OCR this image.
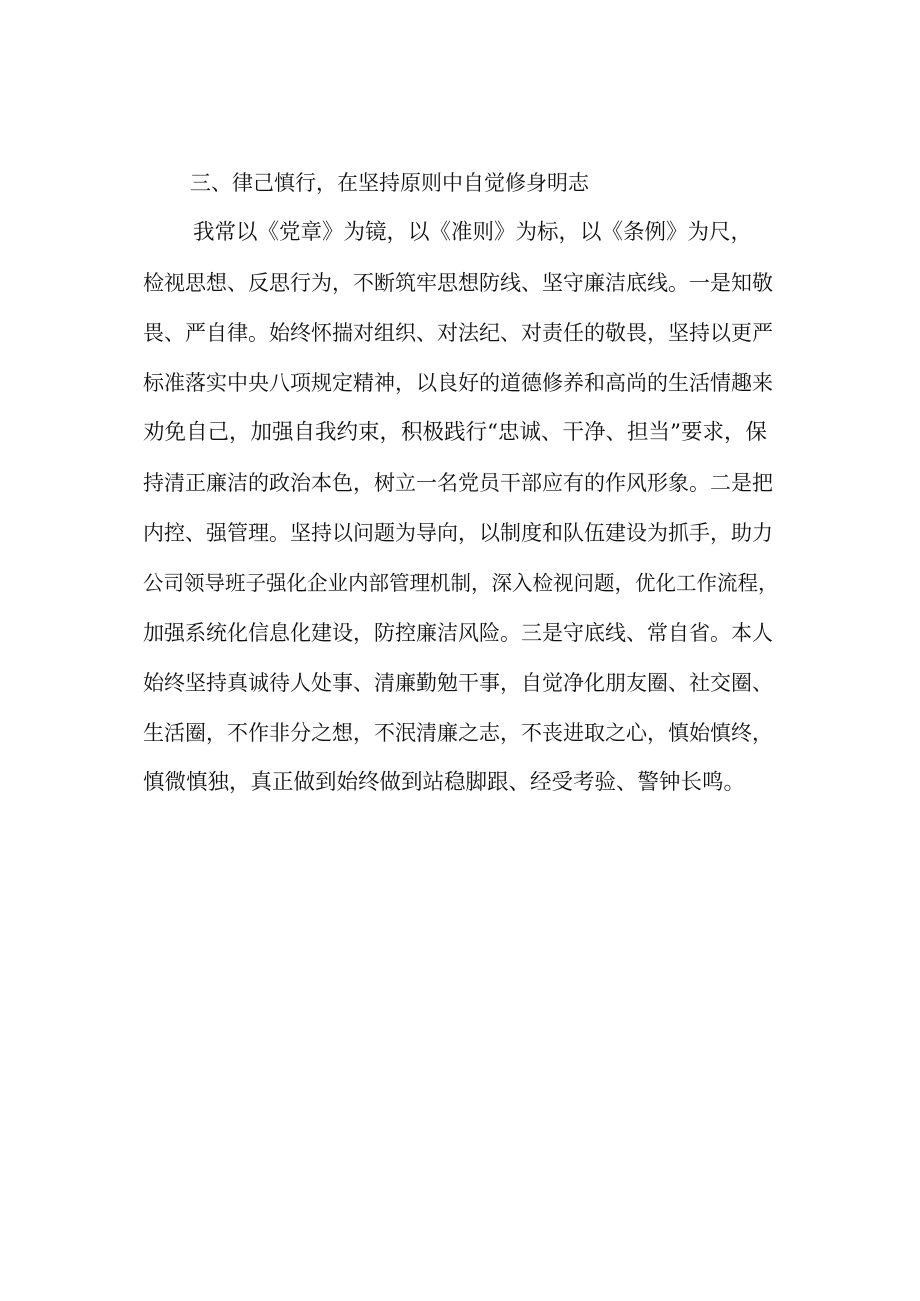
三、律己慎行，在坚持原则中自觉修身明志
我常以《党章》为镜，以《准则》为标，以《条例》为尺，
检视思想、反思行为，不断筑牢思想防线、坚守廉洁底线。一是知敬
畏、严自律。始终怀揣对组织、对法纪、对责任的敬畏，坚持以更严
标准落实中央八项规定精神，以良好的道德修养和高尚的生活情趣来
劝免自己，加强自我约束，积极践行“忠诚、干净、担当”要求，保
持清正廉洁的政治本色，树立一名党员干部应有的作风形象。二是把
内控、强管理。坚持以问题为导向，以制度和队伍建设为抓手，助力
公司领导班子强化企业内部管理机制，深入检视问题，优化工作流程，
加强系统化信息化建设，防控廉洁风险。三是守底线、常自省。本人
始终坚持真诚待人处事、清廉勤勉干事，自觉净化朋友圈、社交圈、
生活圈，不作非分之想，不泯清廉之志，不丧进取之心，慎始慎终，
慎微慎独，真正做到始终做到站稳脚跟、经受考验、警钟长鸣。
